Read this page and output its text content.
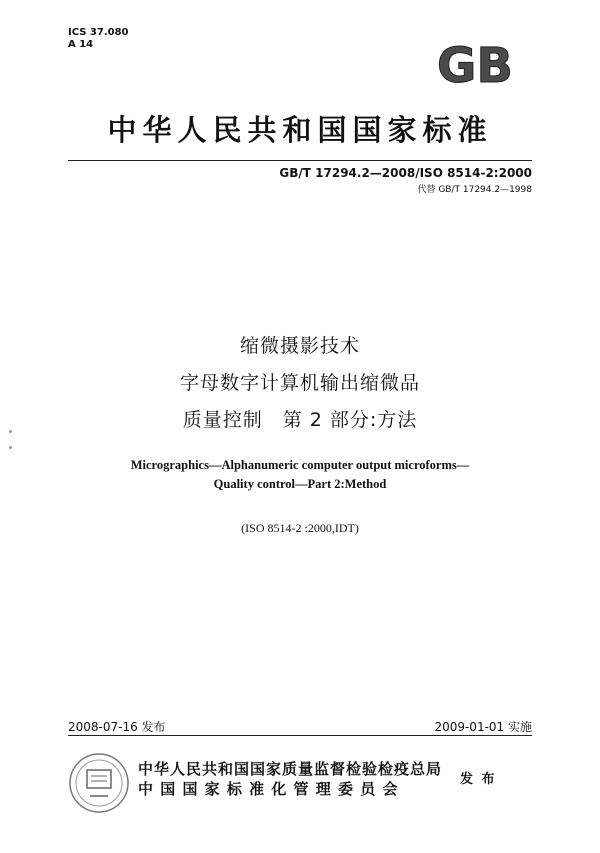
ICS 37.080
A 14	GB
中华人民共和国国家标准
GB/T 17294.2—2008/ISO 8514-2:2000
代替 GB/T 17294.2—1998
缩微摄影技术
字母数字计算机输出缩微品
质量控制　第 2 部分:方法
Micrographics—Alphanumeric computer output microforms—
Quality control—Part 2:Method
(ISO 8514-2 :2000,IDT)
2008-07-16 发布	2009-01-01 实施
中华人民共和国国家质量监督检验检疫总局
中 国 国 家 标 准 化 管 理 委 员 会
发 布
